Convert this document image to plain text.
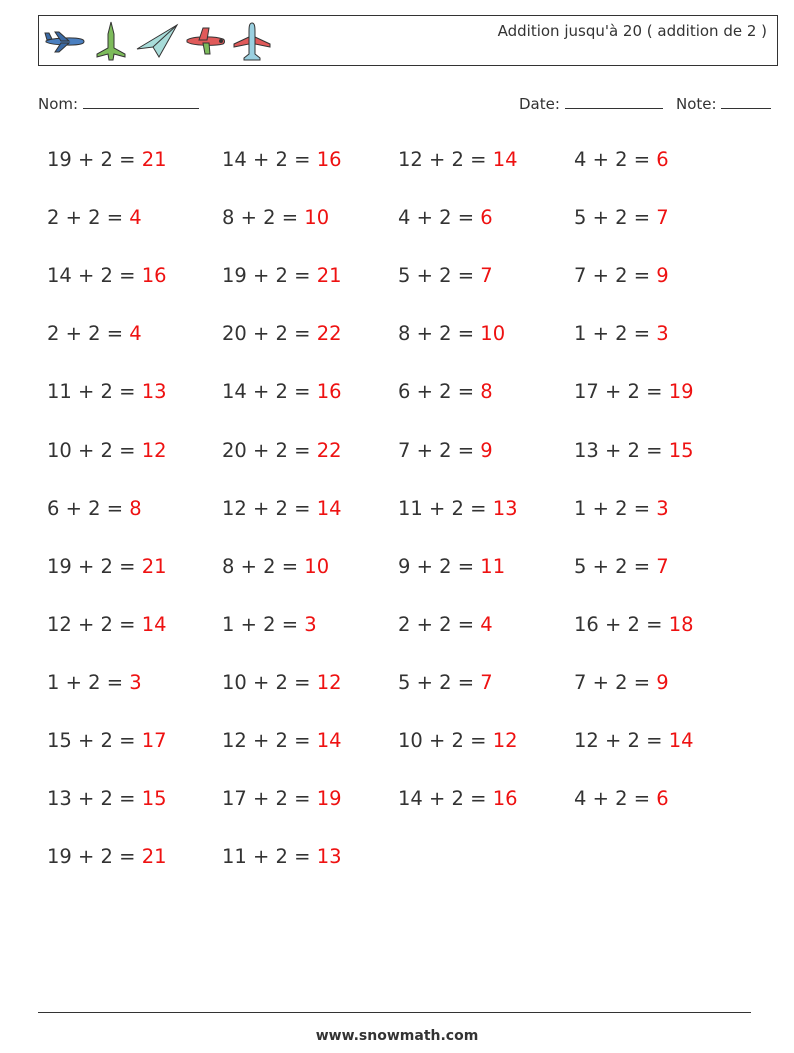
Addition jusqu'à 20 ( addition de 2 )
Nom:	Date:	Note:
19 + 2 = 21
2 + 2 = 4
14 + 2 = 16
2 + 2 = 4
11 + 2 = 13
10 + 2 = 12
6 + 2 = 8
19 + 2 = 21
12 + 2 = 14
1 + 2 = 3
15 + 2 = 17
13 + 2 = 15
19 + 2 = 21
14 + 2 = 16
8 + 2 = 10
19 + 2 = 21
20 + 2 = 22
14 + 2 = 16
20 + 2 = 22
12 + 2 = 14
8 + 2 = 10
1 + 2 = 3
10 + 2 = 12
12 + 2 = 14
17 + 2 = 19
11 + 2 = 13
12 + 2 = 14
4 + 2 = 6
5 + 2 = 7
8 + 2 = 10
6 + 2 = 8
7 + 2 = 9
11 + 2 = 13
9 + 2 = 11
2 + 2 = 4
5 + 2 = 7
10 + 2 = 12
14 + 2 = 16
4 + 2 = 6
5 + 2 = 7
7 + 2 = 9
1 + 2 = 3
17 + 2 = 19
13 + 2 = 15
1 + 2 = 3
5 + 2 = 7
16 + 2 = 18
7 + 2 = 9
12 + 2 = 14
4 + 2 = 6
www.snowmath.com
